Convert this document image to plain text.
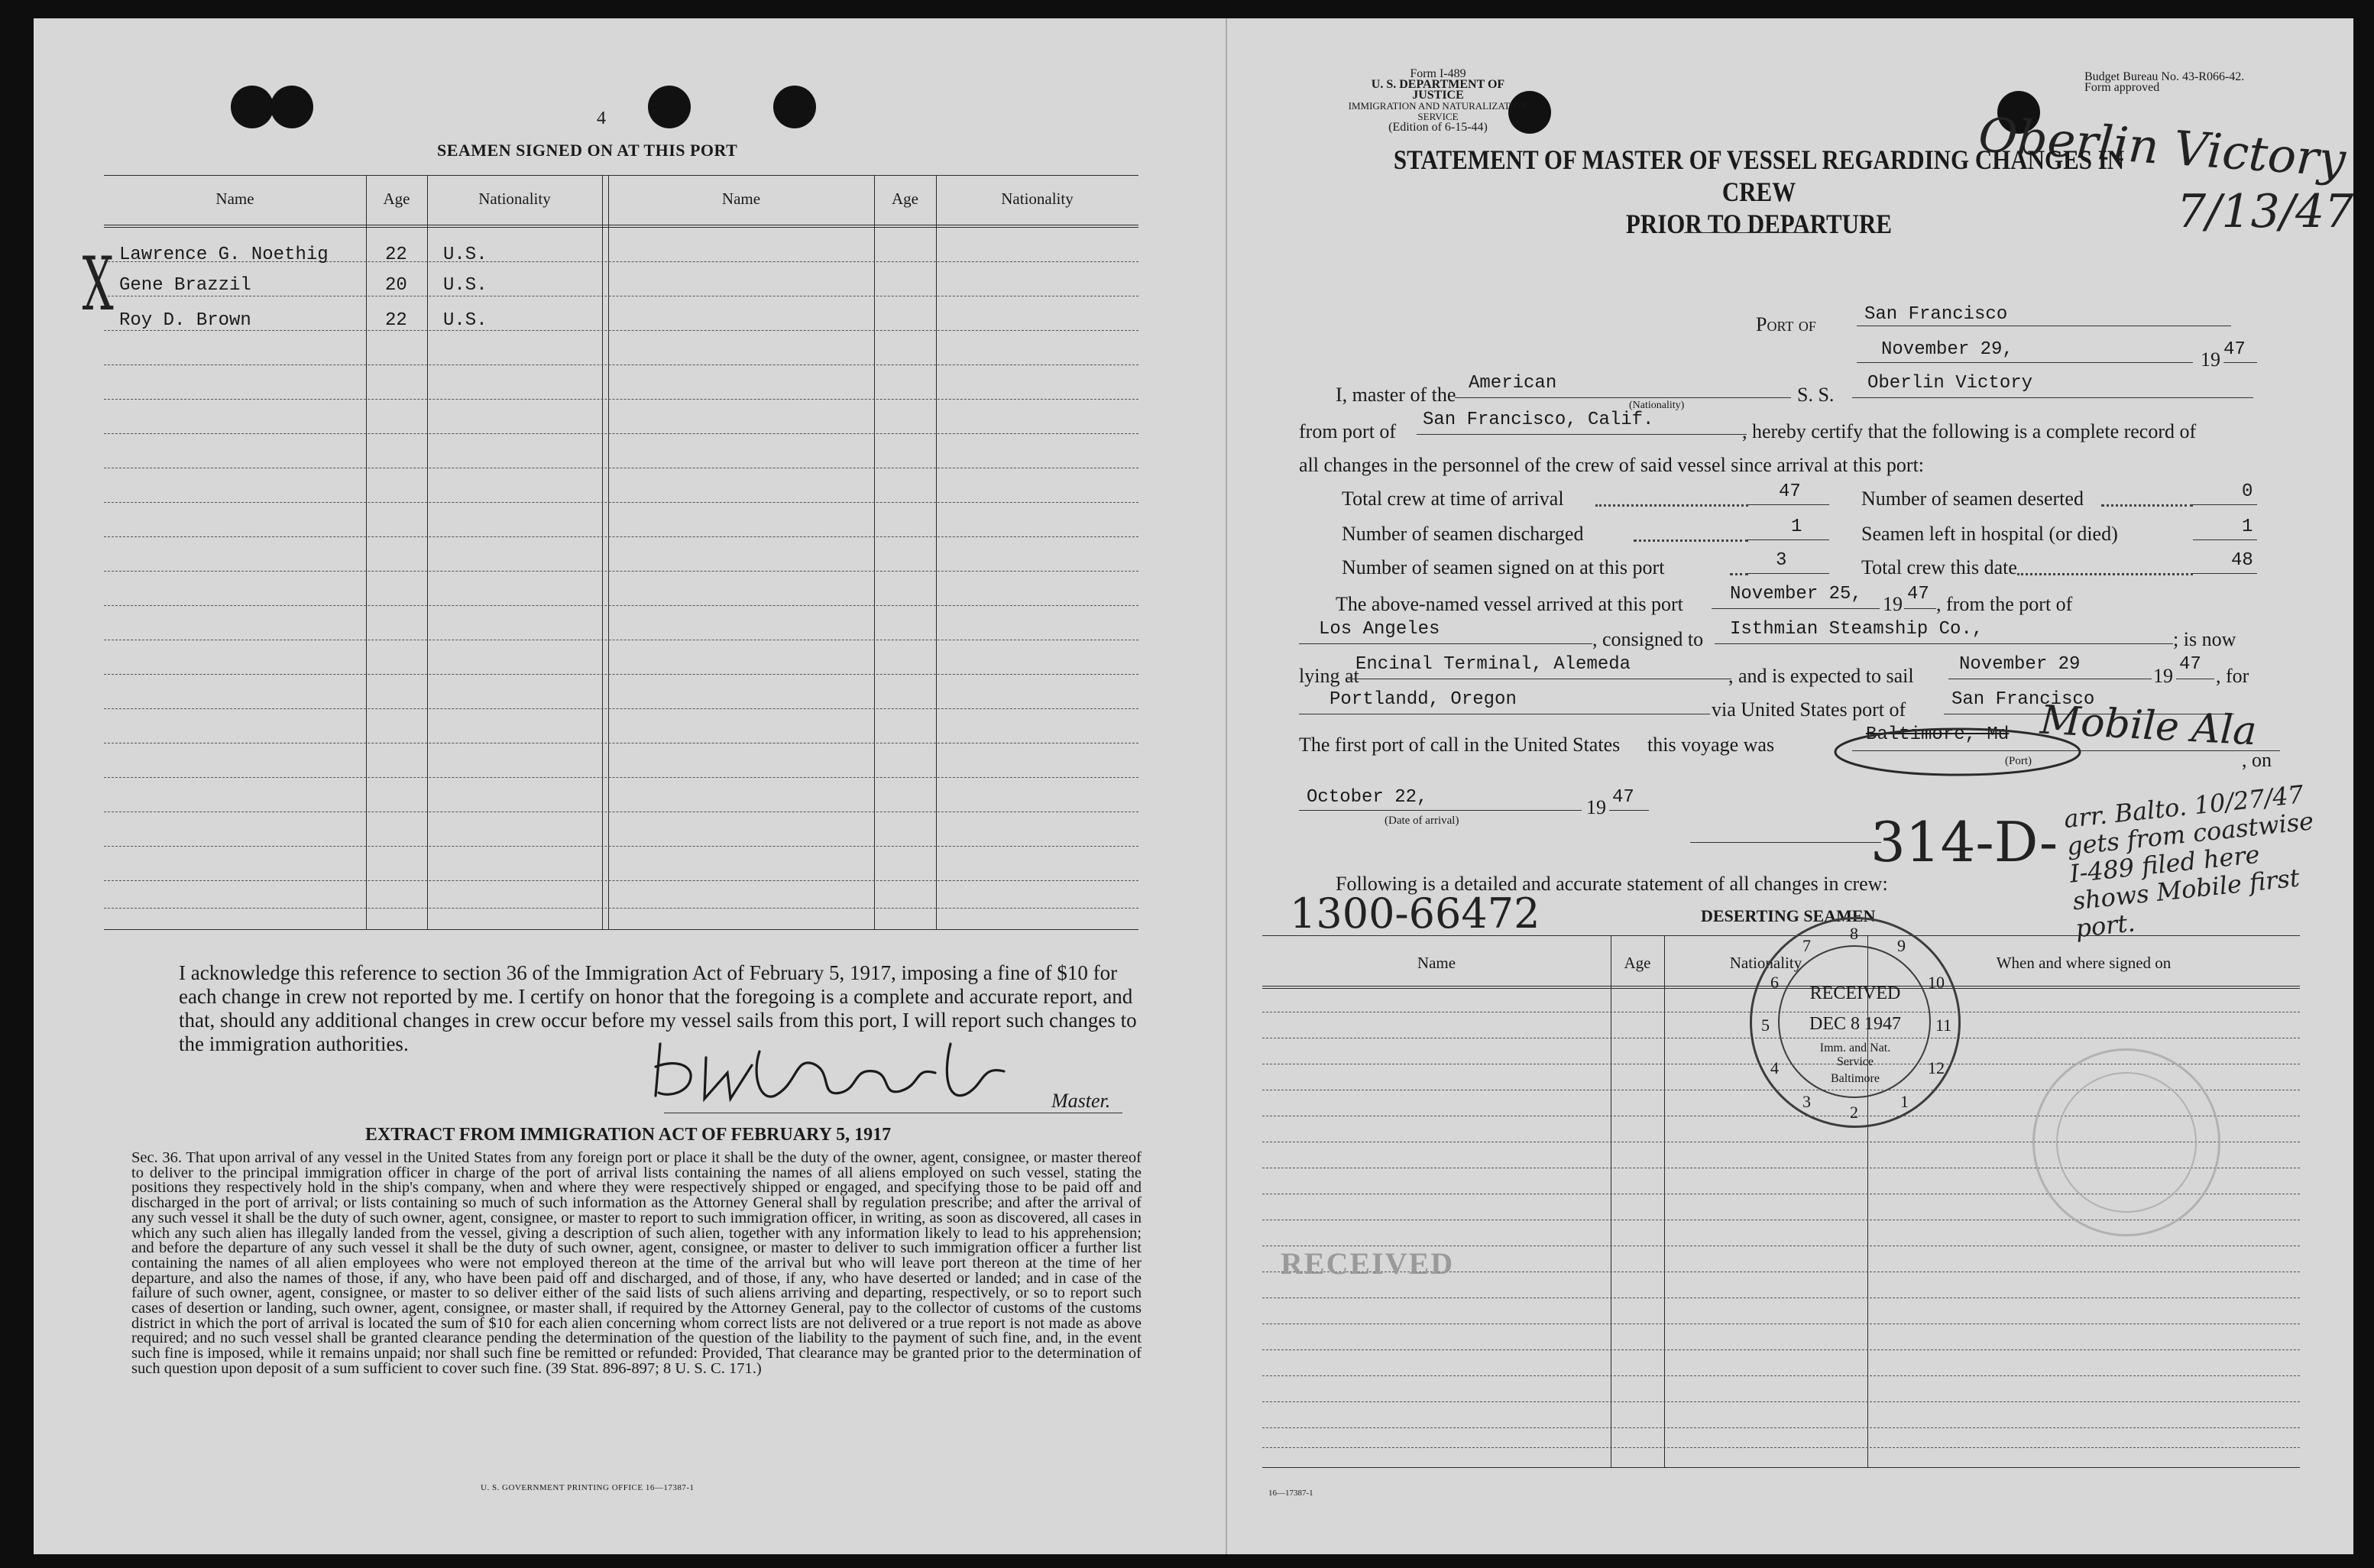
4
SEAMEN SIGNED ON AT THIS PORT
Name	Age	Nationality	Name	Age	Nationality
Lawrence G. Noethig	22 U.S.
Gene Brazzil	20 U.S.
Roy D. Brown	22 U.S.
X
I acknowledge this reference to section 36 of the Immigration Act of February 5, 1917, imposing a fine of $10 for each change in crew not reported by me. I certify on honor that the foregoing is a complete and accurate report, and that, should any additional changes in crew occur before my vessel sails from this port, I will report such changes to the immigration authorities.
Master.
EXTRACT FROM IMMIGRATION ACT OF FEBRUARY 5, 1917
Sec. 36. That upon arrival of any vessel in the United States from any foreign port or place it shall be the duty of the owner, agent, consignee, or master thereof to deliver to the principal immigration officer in charge of the port of arrival lists containing the names of all aliens employed on such vessel, stating the positions they respectively hold in the ship's company, when and where they were respectively shipped or engaged, and specifying those to be paid off and discharged in the port of arrival; or lists containing so much of such information as the Attorney General shall by regulation prescribe; and after the arrival of any such vessel it shall be the duty of such owner, agent, consignee, or master to report to such immigration officer, in writing, as soon as discovered, all cases in which any such alien has illegally landed from the vessel, giving a description of such alien, together with any information likely to lead to his apprehension; and before the departure of any such vessel it shall be the duty of such owner, agent, consignee, or master to deliver to such immigration officer a further list containing the names of all alien employees who were not employed thereon at the time of the arrival but who will leave port thereon at the time of her departure, and also the names of those, if any, who have been paid off and discharged, and of those, if any, who have deserted or landed; and in case of the failure of such owner, agent, consignee, or master to so deliver either of the said lists of such aliens arriving and departing, respectively, or so to report such cases of desertion or landing, such owner, agent, consignee, or master shall, if required by the Attorney General, pay to the collector of customs of the customs district in which the port of arrival is located the sum of $10 for each alien concerning whom correct lists are not delivered or a true report is not made as above required; and no such vessel shall be granted clearance pending the determination of the question of the liability to the payment of such fine, and, in the event such fine is imposed, while it remains unpaid; nor shall such fine be remitted or refunded: Provided, That clearance may be granted prior to the determination of such question upon deposit of a sum sufficient to cover such fine. (39 Stat. 896-897; 8 U. S. C. 171.)
U. S. GOVERNMENT PRINTING OFFICE 16—17387-1
Form I-489
U. S. DEPARTMENT OF JUSTICE
IMMIGRATION AND NATURALIZATION SERVICE
(Edition of 6-15-44)
Budget Bureau No. 43-R066-42.
Form approved
Oberlin Victory
7/13/47
STATEMENT OF MASTER OF VESSEL REGARDING CHANGES IN CREW
PRIOR TO DEPARTURE
Port of	San Francisco
November 29,	19 47
I, master of the
American
(Nationality)	S. S.
Oberlin Victory
from port of
San Francisco, Calif.
, hereby certify that the following is a complete record of
all changes in the personnel of the crew of said vessel since arrival at this port:
Total crew at time of arrival	47	Number of seamen deserted	0
Number of seamen discharged	1	Seamen left in hospital (or died)	1
Number of seamen signed on at this port	3	Total crew this date	48
The above-named vessel arrived at this port	November 25, 19 47 , from the port of
Los Angeles	, consigned to Isthmian Steamship Co.,	; is now
lying at
Encinal Terminal, Alemeda
, and is expected to sail
November 29
19
47
, for
Portlandd, Oregon	via United States port of San Francisco
The first port of call in the United States this voyage was	Baltimore, Md Mobile Ala
(Port)	, on
October 22,	19 47
(Date of arrival)	314-D-
arr. Balto. 10/27/47 gets from coastwise I-489 filed here shows Mobile first port.
Following is a detailed and accurate statement of all changes in crew:
1300-66472	DESERTING SEAMEN
Name	Age	Nationality	When and where signed on
RECEIVED
8
9
10
11
12
1
2
3
4
5
6
7
RECEIVED
DEC 8 1947
Imm. and Nat. Service
Baltimore
16—17387-1
